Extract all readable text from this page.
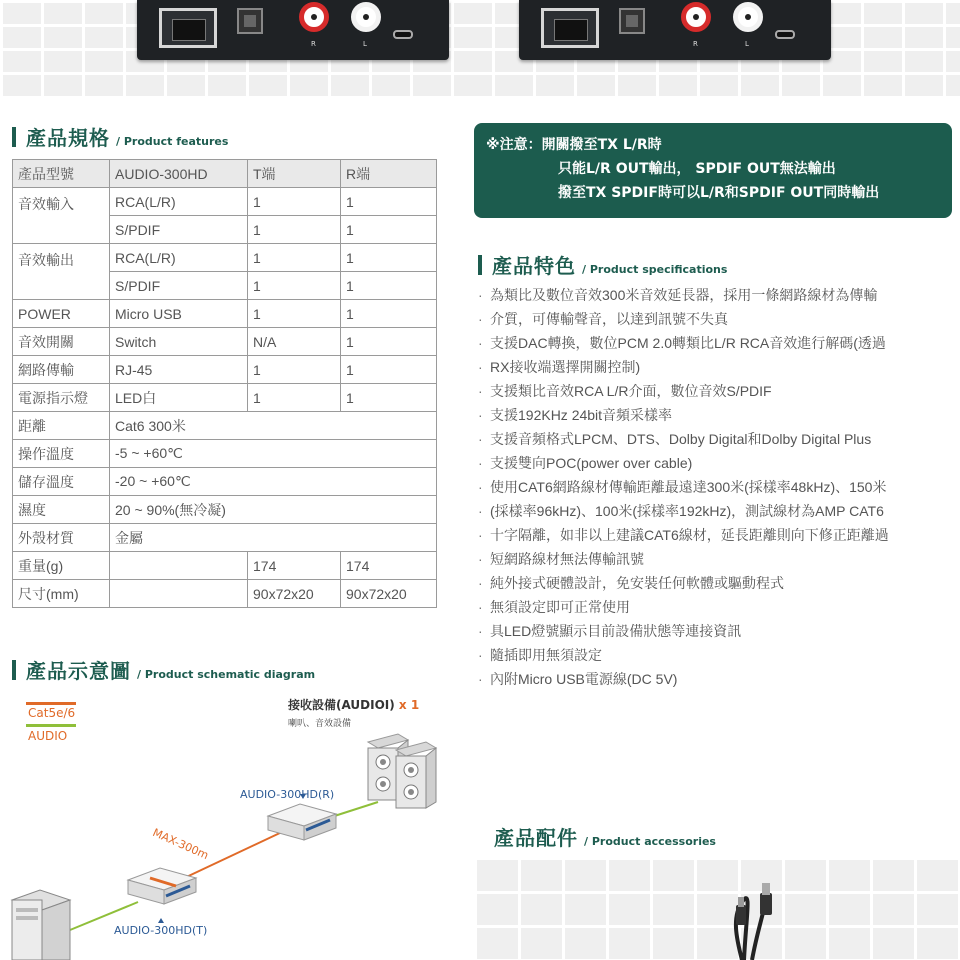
R	L	R	L
產品規格 / Product features
產品型號	AUDIO-300HD	T端	R端
音效輸入	RCA(L/R)	1	1
	S/PDIF	1	1
音效輸出	RCA(L/R)	1	1
	S/PDIF	1	1
POWER	Micro USB	1	1
音效開關	Switch	N/A	1
網路傳輸	RJ-45	1	1
電源指示燈	LED白	1	1
距離	Cat6 300米		
操作溫度	-5 ~ +60℃		
儲存溫度	-20 ~ +60℃		
濕度	20 ~ 90%(無冷凝)		
外殼材質	金屬		
重量(g)		174	174
尺寸(mm)		90x72x20	90x72x20
※注意：開關撥至TX L/R時
只能L/R OUT輸出， SPDIF OUT無法輸出
撥至TX SPDIF時可以L/R和SPDIF OUT同時輸出
產品特色 / Product specifications
· 為類比及數位音效300米音效延長器，採用一條網路線材為傳輸
· 介質，可傳輸聲音，以達到訊號不失真
· 支援DAC轉換，數位PCM 2.0轉類比L/R RCA音效進行解碼(透過
· RX接收端選擇開關控制)
· 支援類比音效RCA L/R介面，數位音效S/PDIF
· 支援192KHz 24bit音頻采樣率
· 支援音頻格式LPCM、DTS、Dolby Digital和Dolby Digital Plus
· 支援雙向POC(power over cable)
· 使用CAT6網路線材傳輸距離最遠達300米(採樣率48kHz)、150米
· (採樣率96kHz)、100米(採樣率192kHz)，測試線材為AMP CAT6
· 十字隔離，如非以上建議CAT6線材，延長距離則向下修正距離過
· 短網路線材無法傳輸訊號
· 純外接式硬體設計，免安裝任何軟體或驅動程式
· 無須設定即可正常使用
· 具LED燈號顯示目前設備狀態等連接資訊
· 隨插即用無須設定
· 內附Micro USB電源線(DC 5V)
產品示意圖 / Product schematic diagram
Cat5e/6
AUDIO
接收設備(AUDIOI) x 1
喇叭、音效設備
AUDIO-300HD(R)
AUDIO-300HD(T)
MAX-300m	產品配件 / Product accessories
